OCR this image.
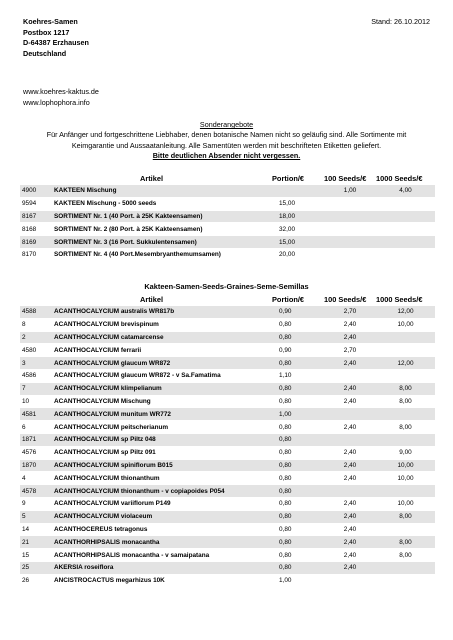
Koehres-Samen
Postbox 1217
D-64387 Erzhausen
Deutschland
Stand: 26.10.2012
www.koehres-kaktus.de
www.lophophora.info
Sonderangebote
Für Anfänger und fortgeschrittene Liebhaber, denen botanische Namen nicht so geläufig sind. Alle Sortimente mit
Keimgarantie und Aussaatanleitung. Alle Samentüten werden mit beschrifteten Etiketten geliefert.
Bitte deutlichen Absender nicht vergessen.
Artikel	Portion/€	100 Seeds/€ 1000 Seeds/€
4900	KAKTEEN Mischung		1,00	4,00
9594	KAKTEEN Mischung - 5000 seeds	15,00		
8167	SORTIMENT Nr. 1 (40 Port. à 25K Kakteensamen)	18,00		
8168	SORTIMENT Nr. 2 (80 Port. à 25K Kakteensamen)	32,00		
8169	SORTIMENT Nr. 3 (16 Port. Sukkulentensamen)	15,00		
8170	SORTIMENT Nr. 4 (40 Port.Mesembryanthemumsamen)	20,00		
Kakteen-Samen-Seeds-Graines-Seme-Semillas
Artikel	Portion/€	100 Seeds/€ 1000 Seeds/€
4588	ACANTHOCALYCIUM australis WR817b	0,90	2,70	12,00
8	ACANTHOCALYCIUM brevispinum	0,80	2,40	10,00
2	ACANTHOCALYCIUM catamarcense	0,80	2,40	
4580	ACANTHOCALYCIUM ferrarii	0,90	2,70	
3	ACANTHOCALYCIUM glaucum WR872	0,80	2,40	12,00
4586	ACANTHOCALYCIUM glaucum WR872 - v Sa.Famatima	1,10		
7	ACANTHOCALYCIUM klimpelianum	0,80	2,40	8,00
10	ACANTHOCALYCIUM Mischung	0,80	2,40	8,00
4581	ACANTHOCALYCIUM munitum WR772	1,00		
6	ACANTHOCALYCIUM peitscherianum	0,80	2,40	8,00
1871	ACANTHOCALYCIUM sp Piltz 048	0,80		
4576	ACANTHOCALYCIUM sp Piltz 091	0,80	2,40	9,00
1870	ACANTHOCALYCIUM spiniflorum B015	0,80	2,40	10,00
4	ACANTHOCALYCIUM thionanthum	0,80	2,40	10,00
4578	ACANTHOCALYCIUM thionanthum - v copiapoides P054	0,80		
9	ACANTHOCALYCIUM variiflorum P149	0,80	2,40	10,00
5	ACANTHOCALYCIUM violaceum	0,80	2,40	8,00
14	ACANTHOCEREUS tetragonus	0,80	2,40	
21	ACANTHORHIPSALIS monacantha	0,80	2,40	8,00
15	ACANTHORHIPSALIS monacantha - v samaipatana	0,80	2,40	8,00
25	AKERSIA roseiflora	0,80	2,40	
26	ANCISTROCACTUS megarhizus 10K	1,00		
